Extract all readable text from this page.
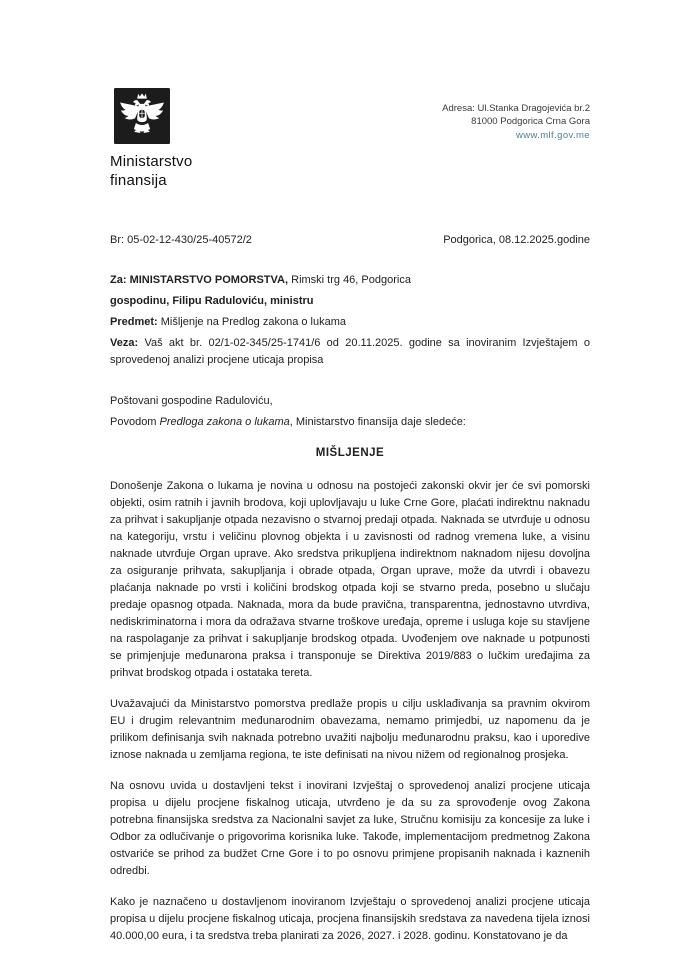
Ministarstvo
finansija
Adresa: Ul.Stanka Dragojevića br.2
81000 Podgorica Crna Gora
www.mlf.gov.me
Br: 05-02-12-430/25-40572/2	Podgorica, 08.12.2025.godine

Za: MINISTARSTVO POMORSTVA, Rimski trg 46, Podgorica

gospodinu, Filipu Raduloviću, ministru

Predmet: Mišljenje na Predlog zakona o lukama

Veza: Vaš akt br. 02/1-02-345/25-1741/6 od 20.11.2025. godine sa inoviranim Izvještajem o sprovedenoj analizi procjene uticaja propisa

Poštovani gospodine Raduloviću,

Povodom Predloga zakona o lukama, Ministarstvo finansija daje sledeće:

MIŠLJENJE

Donošenje Zakona o lukama je novina u odnosu na postojeći zakonski okvir jer će svi pomorski objekti, osim ratnih i javnih brodova, koji uplovljavaju u luke Crne Gore, plaćati indirektnu naknadu za prihvat i sakupljanje otpada nezavisno o stvarnoj predaji otpada. Naknada se utvrđuje u odnosu na kategoriju, vrstu i veličinu plovnog objekta i u zavisnosti od radnog vremena luke, a visinu naknade utvrđuje Organ uprave. Ako sredstva prikupljena indirektnom naknadom nijesu dovoljna za osiguranje prihvata, sakupljanja i obrade otpada, Organ uprave, može da utvrdi i obavezu plaćanja naknade po vrsti i količini brodskog otpada koji se stvarno preda, posebno u slučaju predaje opasnog otpada. Naknada, mora da bude pravična, transparentna, jednostavno utvrdiva, nediskriminatorna i mora da odražava stvarne troškove uređaja, opreme i usluga koje su stavljene na raspolaganje za prihvat i sakupljanje brodskog otpada. Uvođenjem ove naknade u potpunosti se primjenjuje međunarona praksa i transponuje se Direktiva 2019/883 o lučkim uređajima za prihvat brodskog otpada i ostataka tereta.

Uvažavajući da Ministarstvo pomorstva predlaže propis u cilju usklađivanja sa pravnim okvirom EU i drugim relevantnim međunarodnim obavezama, nemamo primjedbi, uz napomenu da je prilikom definisanja svih naknada potrebno uvažiti najbolju međunarodnu praksu, kao i uporedive iznose naknada u zemljama regiona, te iste definisati na nivou nižem od regionalnog prosjeka.

Na osnovu uvida u dostavljeni tekst i inovirani Izvještaj o sprovedenoj analizi procjene uticaja propisa u dijelu procjene fiskalnog uticaja, utvrđeno je da su za sprovođenje ovog Zakona potrebna finansijska sredstva za Nacionalni savjet za luke, Stručnu komisiju za koncesije za luke i Odbor za odlučivanje o prigovorima korisnika luke. Takođe, implementacijom predmetnog Zakona ostvariće se prihod za budžet Crne Gore i to po osnovu primjene propisanih naknada i kaznenih odredbi.

Kako je naznačeno u dostavljenom inoviranom Izvještaju o sprovedenoj analizi procjene uticaja propisa u dijelu procjene fiskalnog uticaja, procjena finansijskih sredstava za navedena tijela iznosi 40.000,00 eura, i ta sredstva treba planirati za 2026, 2027. i 2028. godinu. Konstatovano je da
